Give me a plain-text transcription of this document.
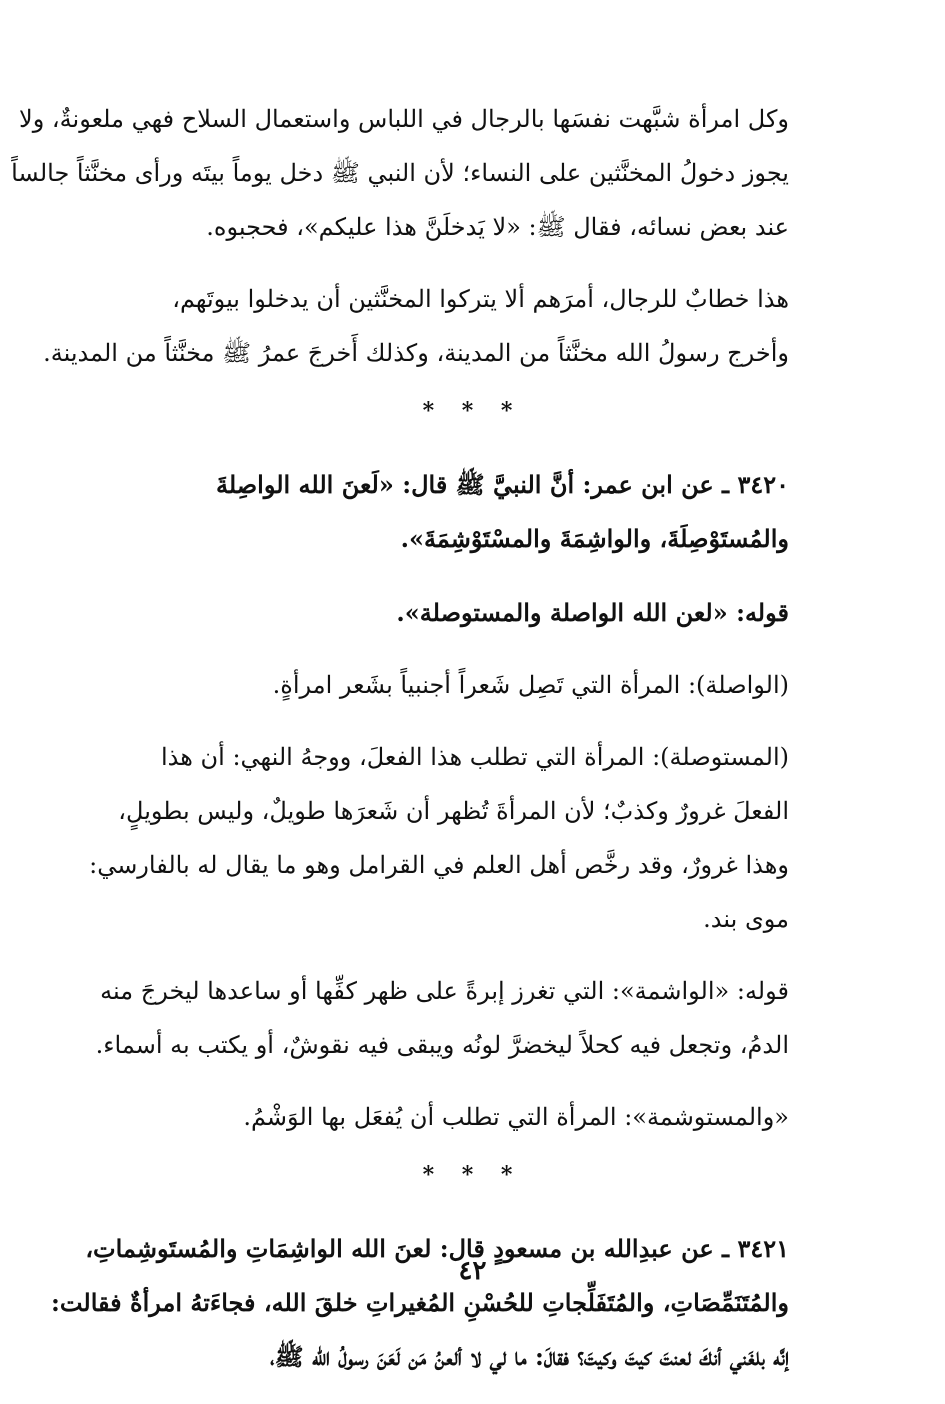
وكل امرأة شبَّهت نفسَها بالرجال في اللباس واستعمال السلاح فهي ملعونةٌ، ولا
يجوز دخولُ المخنَّثين على النساء؛ لأن النبي ﷺ دخل يوماً بيتَه ورأى مخنَّثاً جالساً
عند بعض نسائه، فقال ﷺ: «لا يَدخلَنَّ هذا عليكم»، فحجبوه.
هذا خطابٌ للرجال، أمرَهم ألا يتركوا المخنَّثين أن يدخلوا بيوتَهم،
وأخرج رسولُ الله مخنَّثاً من المدينة، وكذلك أَخرجَ عمرُ ﷺ مخنَّثاً من المدينة.
* * *
٣٤٢٠ ـ عن ابن عمر: أنَّ النبيَّ ﷺ قال: «لَعنَ الله الواصِلةَ
والمُستَوْصِلَةَ، والواشِمَةَ والمسْتَوْشِمَةَ».
قوله: «لعن الله الواصلة والمستوصلة».
(الواصلة): المرأة التي تَصِل شَعراً أجنبياً بشَعر امرأةٍ.
(المستوصلة): المرأة التي تطلب هذا الفعلَ، ووجهُ النهي: أن هذا
الفعلَ غرورٌ وكذبٌ؛ لأن المرأةَ تُظهر أن شَعرَها طويلٌ، وليس بطويلٍ،
وهذا غرورٌ، وقد رخَّص أهل العلم في القرامل وهو ما يقال له بالفارسي:
موى بند.
قوله: «الواشمة»: التي تغرز إبرةً على ظهر كفِّها أو ساعدها ليخرجَ منه
الدمُ، وتجعل فيه كحلاً ليخضرَّ لونُه ويبقى فيه نقوشٌ، أو يكتب به أسماء.
«والمستوشمة»: المرأة التي تطلب أن يُفعَل بها الوَشْمُ.
* * *
٣٤٢١ ـ عن عبدِالله بن مسعودٍ قال: لعنَ الله الواشِمَاتِ والمُستَوشِماتِ،
والمُتَنَمِّصَاتِ، والمُتَفَلِّجاتِ للحُسْنِ المُغيراتِ خلقَ الله، فجاءَتهُ امرأةٌ فقالت:
إنَّه بلغَني أنكَ لعنتَ كيتَ وكيتَ؟ فقالَ: ما لي لا ألعنُ مَن لَعَنَ رسولُ الله ﷺ،
٤٢
